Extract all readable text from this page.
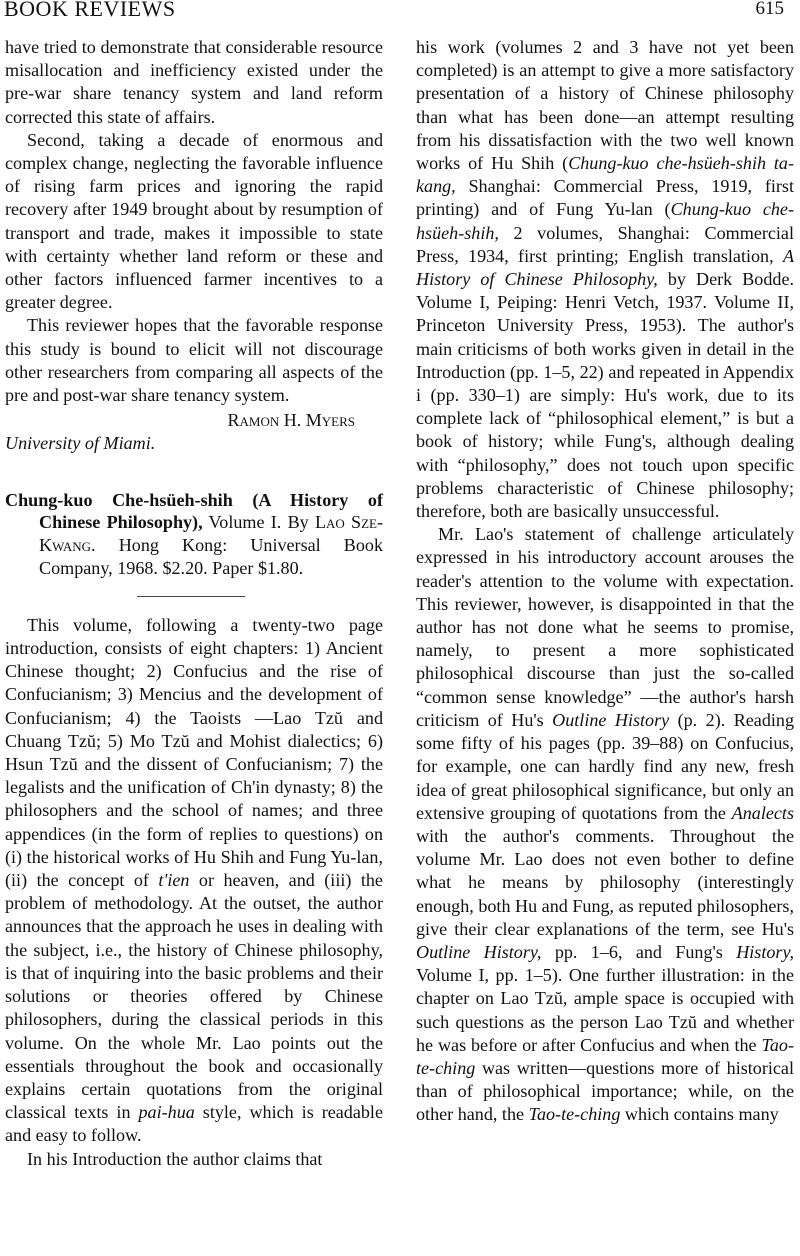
BOOK REVIEWS	615

have tried to demonstrate that considerable resource misallocation and inefficiency existed under the pre-war share tenancy system and land reform corrected this state of affairs.

Second, taking a decade of enormous and complex change, neglecting the favorable influence of rising farm prices and ignoring the rapid recovery after 1949 brought about by resumption of transport and trade, makes it impossible to state with certainty whether land reform or these and other factors influenced farmer incentives to a greater degree.

This reviewer hopes that the favorable response this study is bound to elicit will not discourage other researchers from comparing all aspects of the pre and post-war share tenancy system.

Ramon H. Myers
University of Miami.
Chung-kuo Che-hsüeh-shih (A History of Chinese Philosophy), Volume I. By Lao Sze-Kwang. Hong Kong: Universal Book Company, 1968. $2.20. Paper $1.80.

This volume, following a twenty-two page introduction, consists of eight chapters: 1) Ancient Chinese thought; 2) Confucius and the rise of Confucianism; 3) Mencius and the development of Confucianism; 4) the Taoists —Lao Tzŭ and Chuang Tzŭ; 5) Mo Tzŭ and Mohist dialectics; 6) Hsun Tzŭ and the dissent of Confucianism; 7) the legalists and the unification of Ch'in dynasty; 8) the philosophers and the school of names; and three appendices (in the form of replies to questions) on (i) the historical works of Hu Shih and Fung Yu-lan, (ii) the concept of t'ien or heaven, and (iii) the problem of methodology. At the outset, the author announces that the approach he uses in dealing with the subject, i.e., the history of Chinese philosophy, is that of inquiring into the basic problems and their solutions or theories offered by Chinese philosophers, during the classical periods in this volume. On the whole Mr. Lao points out the essentials throughout the book and occasionally explains certain quotations from the original classical texts in pai-hua style, which is readable and easy to follow.

In his Introduction the author claims that

his work (volumes 2 and 3 have not yet been completed) is an attempt to give a more satisfactory presentation of a history of Chinese philosophy than what has been done—an attempt resulting from his dissatisfaction with the two well known works of Hu Shih (Chung-kuo che-hsüeh-shih ta-kang, Shanghai: Commercial Press, 1919, first printing) and of Fung Yu-lan (Chung-kuo che-hsüeh-shih, 2 volumes, Shanghai: Commercial Press, 1934, first printing; English translation, A History of Chinese Philosophy, by Derk Bodde. Volume I, Peiping: Henri Vetch, 1937. Volume II, Princeton University Press, 1953). The author's main criticisms of both works given in detail in the Introduction (pp. 1–5, 22) and repeated in Appendix i (pp. 330–1) are simply: Hu's work, due to its complete lack of “philosophical element,” is but a book of history; while Fung's, although dealing with “philosophy,” does not touch upon specific problems characteristic of Chinese philosophy; therefore, both are basically unsuccessful.

Mr. Lao's statement of challenge articulately expressed in his introductory account arouses the reader's attention to the volume with expectation. This reviewer, however, is disappointed in that the author has not done what he seems to promise, namely, to present a more sophisticated philosophical discourse than just the so-called “common sense knowledge” —the author's harsh criticism of Hu's Outline History (p. 2). Reading some fifty of his pages (pp. 39–88) on Confucius, for example, one can hardly find any new, fresh idea of great philosophical significance, but only an extensive grouping of quotations from the Analects with the author's comments. Throughout the volume Mr. Lao does not even bother to define what he means by philosophy (interestingly enough, both Hu and Fung, as reputed philosophers, give their clear explanations of the term, see Hu's Outline History, pp. 1–6, and Fung's History, Volume I, pp. 1–5). One further illustration: in the chapter on Lao Tzŭ, ample space is occupied with such questions as the person Lao Tzŭ and whether he was before or after Confucius and when the Tao-te-ching was written—questions more of historical than of philosophical importance; while, on the other hand, the Tao-te-ching which contains many
